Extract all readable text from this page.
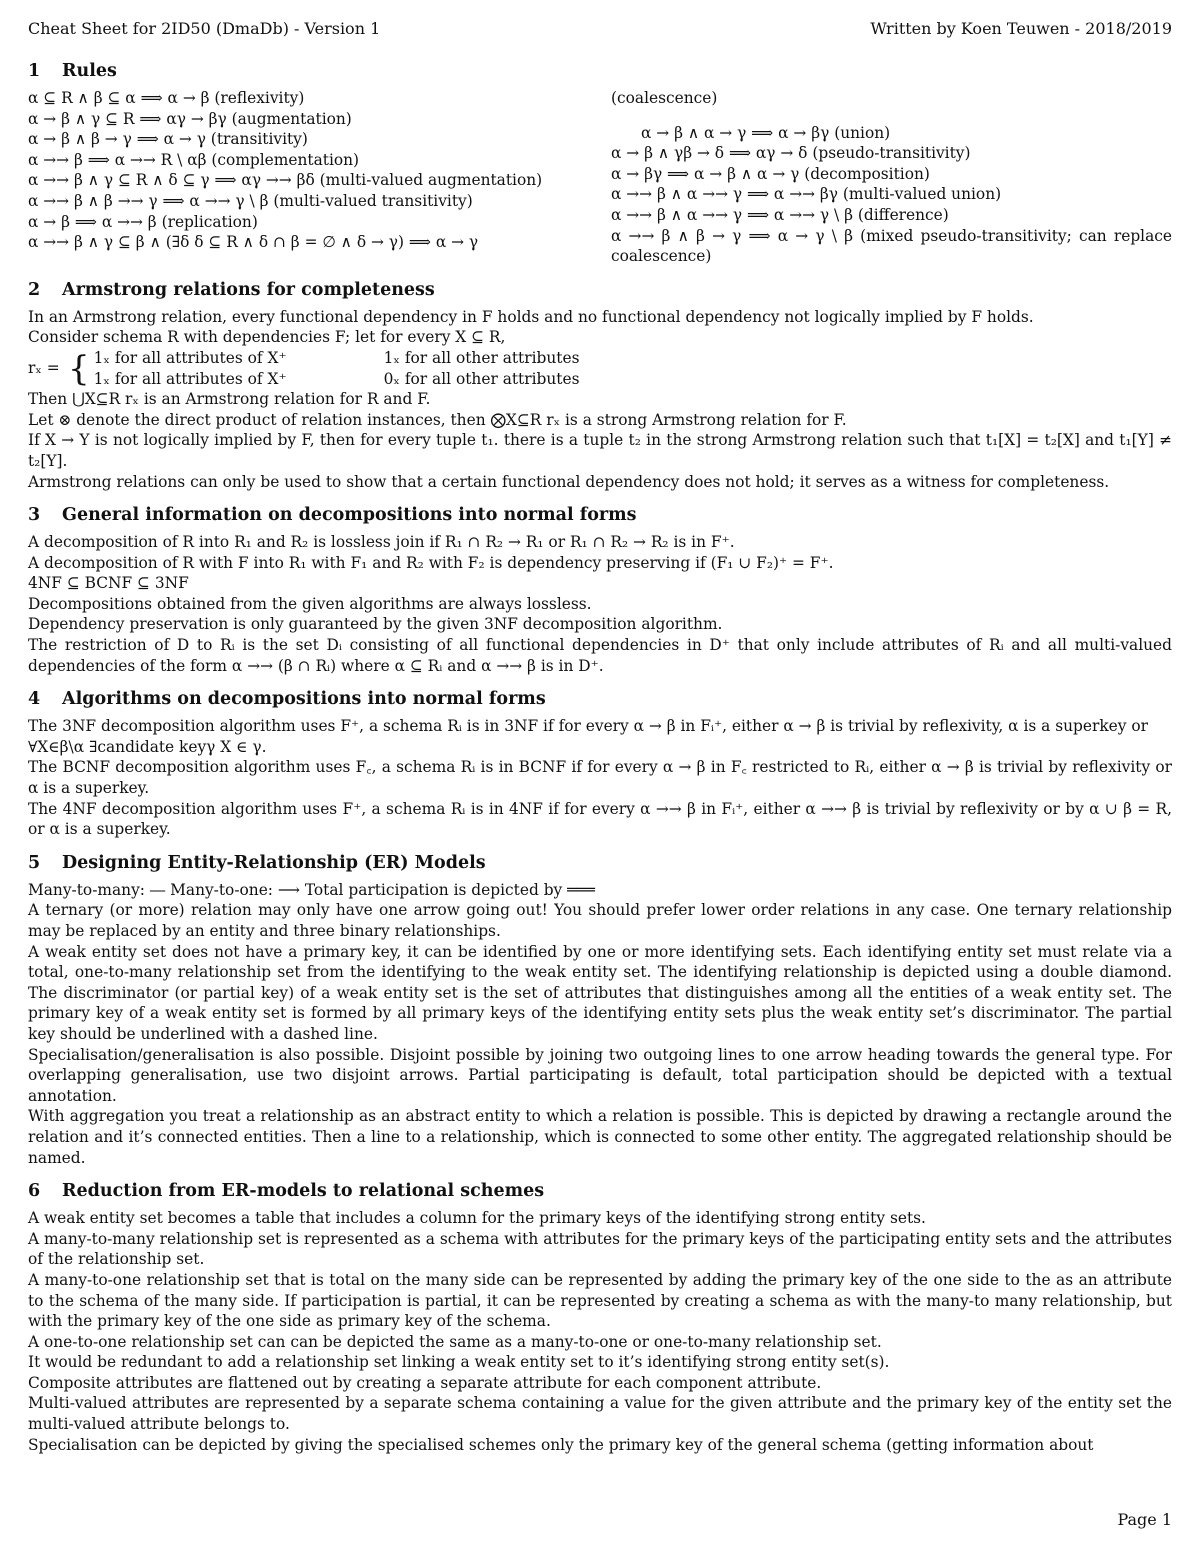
Cheat Sheet for 2ID50 (DmaDb) - Version 1	Written by Koen Teuwen - 2018/2019
1 Rules

α ⊆ R ∧ β ⊆ α ⟹ α → β (reflexivity)

α → β ∧ γ ⊆ R ⟹ αγ → βγ (augmentation)

α → β ∧ β → γ ⟹ α → γ (transitivity)

α →→ β ⟹ α →→ R \ αβ (complementation)

α →→ β ∧ γ ⊆ R ∧ δ ⊆ γ ⟹ αγ →→ βδ (multi-valued augmentation)

α →→ β ∧ β →→ γ ⟹ α →→ γ \ β (multi-valued transitivity)

α → β ⟹ α →→ β (replication)

α →→ β ∧ γ ⊆ β ∧ (∃δ δ ⊆ R ∧ δ ∩ β = ∅ ∧ δ → γ) ⟹ α → γ

(coalescence)

α → β ∧ α → γ ⟹ α → βγ (union)

α → β ∧ γβ → δ ⟹ αγ → δ (pseudo-transitivity)

α → βγ ⟹ α → β ∧ α → γ (decomposition)

α →→ β ∧ α →→ γ ⟹ α →→ βγ (multi-valued union)

α →→ β ∧ α →→ γ ⟹ α →→ γ \ β (difference)

α →→ β ∧ β → γ ⟹ α → γ \ β (mixed pseudo-transitivity; can replace coalescence)

2 Armstrong relations for completeness

In an Armstrong relation, every functional dependency in F holds and no functional dependency not logically implied by F holds.

Consider schema R with dependencies F; let for every X ⊆ R,

rₓ = { 1ₓ for all attributes of X⁺	1ₓ for all other attributes
1ₓ for all attributes of X⁺	0ₓ for all other attributes

Then ⋃X⊆R rₓ is an Armstrong relation for R and F.

Let ⊗ denote the direct product of relation instances, then ⨂X⊆R rₓ is a strong Armstrong relation for F.

If X → Y is not logically implied by F, then for every tuple t₁. there is a tuple t₂ in the strong Armstrong relation such that t₁[X] = t₂[X] and t₁[Y] ≠ t₂[Y].

Armstrong relations can only be used to show that a certain functional dependency does not hold; it serves as a witness for completeness.

3 General information on decompositions into normal forms

A decomposition of R into R₁ and R₂ is lossless join if R₁ ∩ R₂ → R₁ or R₁ ∩ R₂ → R₂ is in F⁺.

A decomposition of R with F into R₁ with F₁ and R₂ with F₂ is dependency preserving if (F₁ ∪ F₂)⁺ = F⁺.

4NF ⊆ BCNF ⊆ 3NF

Decompositions obtained from the given algorithms are always lossless.

Dependency preservation is only guaranteed by the given 3NF decomposition algorithm.

The restriction of D to Rᵢ is the set Dᵢ consisting of all functional dependencies in D⁺ that only include attributes of Rᵢ and all multi-valued dependencies of the form α →→ (β ∩ Rᵢ) where α ⊆ Rᵢ and α →→ β is in D⁺.

4 Algorithms on decompositions into normal forms

The 3NF decomposition algorithm uses F⁺, a schema Rᵢ is in 3NF if for every α → β in Fᵢ⁺, either α → β is trivial by reflexivity, α is a superkey or

∀X∈β\α ∃candidate keyγ X ∈ γ.

The BCNF decomposition algorithm uses F꜀, a schema Rᵢ is in BCNF if for every α → β in F꜀ restricted to Rᵢ, either α → β is trivial by reflexivity or α is a superkey.

The 4NF decomposition algorithm uses F⁺, a schema Rᵢ is in 4NF if for every α →→ β in Fᵢ⁺, either α →→ β is trivial by reflexivity or by α ∪ β = R, or α is a superkey.

5 Designing Entity-Relationship (ER) Models

Many-to-many: ⎯⎯ Many-to-one: ⟶ Total participation is depicted by ═══

A ternary (or more) relation may only have one arrow going out! You should prefer lower order relations in any case. One ternary relationship may be replaced by an entity and three binary relationships.

A weak entity set does not have a primary key, it can be identified by one or more identifying sets. Each identifying entity set must relate via a total, one-to-many relationship set from the identifying to the weak entity set. The identifying relationship is depicted using a double diamond. The discriminator (or partial key) of a weak entity set is the set of attributes that distinguishes among all the entities of a weak entity set. The primary key of a weak entity set is formed by all primary keys of the identifying entity sets plus the weak entity set’s discriminator. The partial key should be underlined with a dashed line.

Specialisation/generalisation is also possible. Disjoint possible by joining two outgoing lines to one arrow heading towards the general type. For overlapping generalisation, use two disjoint arrows. Partial participating is default, total participation should be depicted with a textual annotation.

With aggregation you treat a relationship as an abstract entity to which a relation is possible. This is depicted by drawing a rectangle around the relation and it’s connected entities. Then a line to a relationship, which is connected to some other entity. The aggregated relationship should be named.

6 Reduction from ER-models to relational schemes

A weak entity set becomes a table that includes a column for the primary keys of the identifying strong entity sets.

A many-to-many relationship set is represented as a schema with attributes for the primary keys of the participating entity sets and the attributes of the relationship set.

A many-to-one relationship set that is total on the many side can be represented by adding the primary key of the one side to the as an attribute to the schema of the many side. If participation is partial, it can be represented by creating a schema as with the many-to many relationship, but with the primary key of the one side as primary key of the schema.

A one-to-one relationship set can can be depicted the same as a many-to-one or one-to-many relationship set.

It would be redundant to add a relationship set linking a weak entity set to it’s identifying strong entity set(s).

Composite attributes are flattened out by creating a separate attribute for each component attribute.

Multi-valued attributes are represented by a separate schema containing a value for the given attribute and the primary key of the entity set the multi-valued attribute belongs to.

Specialisation can be depicted by giving the specialised schemes only the primary key of the general schema (getting information about

Page 1
